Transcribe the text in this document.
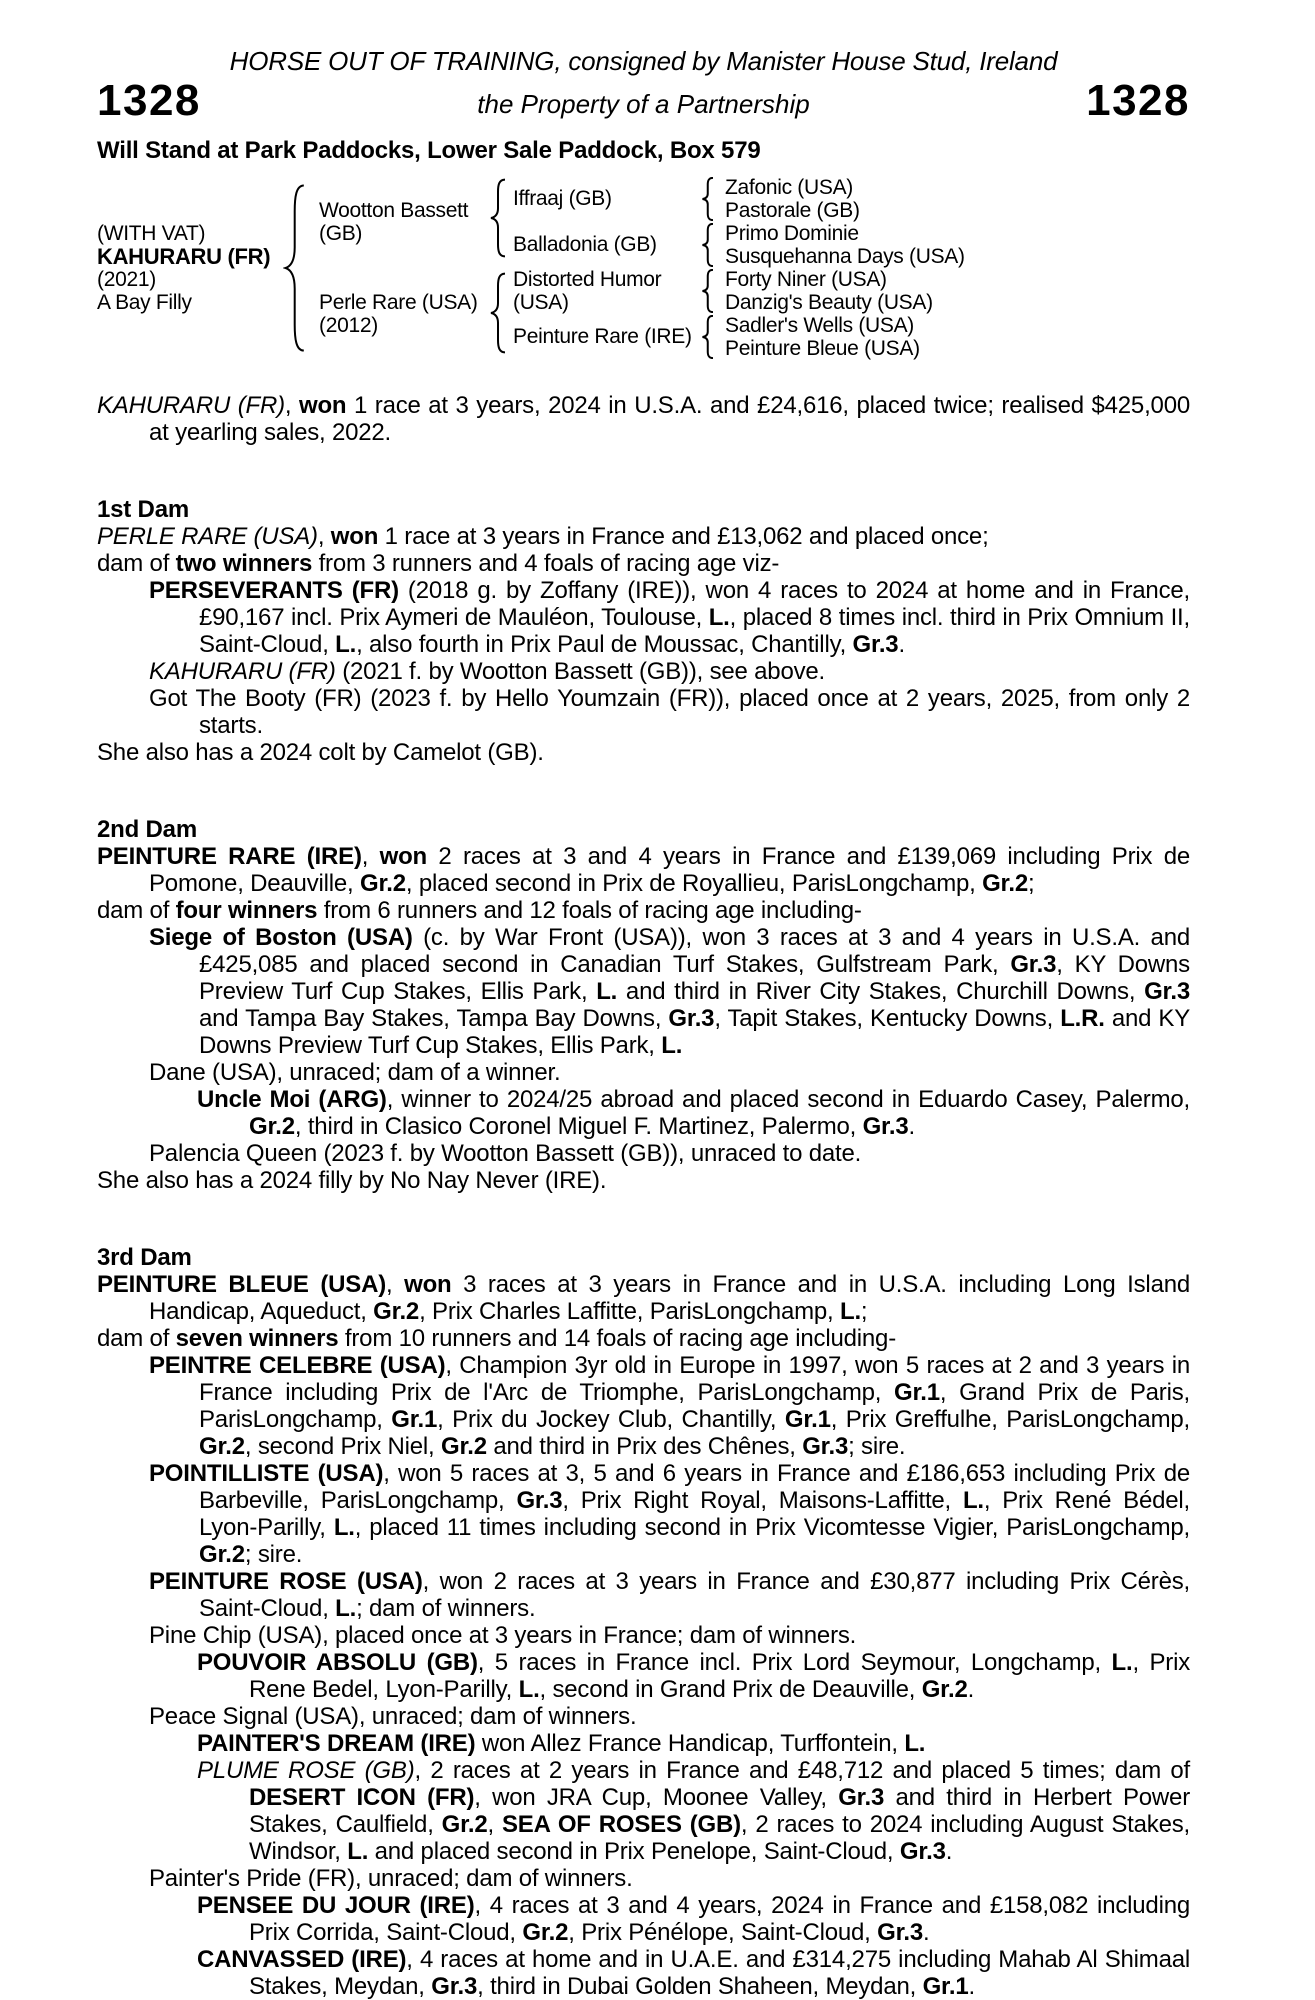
HORSE OUT OF TRAINING, consigned by Manister House Stud, Ireland
1328	the Property of a Partnership	1328
Will Stand at Park Paddocks, Lower Sale Paddock, Box 579
(WITH VAT)
KAHURARU (FR)
(2021)
A Bay Filly
Wootton Bassett
(GB)
Perle Rare (USA)
(2012)
Iffraaj (GB)
Balladonia (GB)
Distorted Humor
(USA)
Peinture Rare (IRE)
Zafonic (USA)
Pastorale (GB)
Primo Dominie
Susquehanna Days (USA)
Forty Niner (USA)
Danzig's Beauty (USA)
Sadler's Wells (USA)
Peinture Bleue (USA)

KAHURARU (FR), won 1 race at 3 years, 2024 in U.S.A. and £24,616, placed twice; realised $425,000 at yearling sales, 2022.

1st Dam

PERLE RARE (USA), won 1 race at 3 years in France and £13,062 and placed once;

dam of two winners from 3 runners and 4 foals of racing age viz-

PERSEVERANTS (FR) (2018 g. by Zoffany (IRE)), won 4 races to 2024 at home and in France, £90,167 incl. Prix Aymeri de Mauléon, Toulouse, L., placed 8 times incl. third in Prix Omnium II, Saint-Cloud, L., also fourth in Prix Paul de Moussac, Chantilly, Gr.3.

KAHURARU (FR) (2021 f. by Wootton Bassett (GB)), see above.

Got The Booty (FR) (2023 f. by Hello Youmzain (FR)), placed once at 2 years, 2025, from only 2 starts.

She also has a 2024 colt by Camelot (GB).

2nd Dam

PEINTURE RARE (IRE), won 2 races at 3 and 4 years in France and £139,069 including Prix de Pomone, Deauville, Gr.2, placed second in Prix de Royallieu, ParisLongchamp, Gr.2;

dam of four winners from 6 runners and 12 foals of racing age including-

Siege of Boston (USA) (c. by War Front (USA)), won 3 races at 3 and 4 years in U.S.A. and £425,085 and placed second in Canadian Turf Stakes, Gulfstream Park, Gr.3, KY Downs Preview Turf Cup Stakes, Ellis Park, L. and third in River City Stakes, Churchill Downs, Gr.3 and Tampa Bay Stakes, Tampa Bay Downs, Gr.3, Tapit Stakes, Kentucky Downs, L.R. and KY Downs Preview Turf Cup Stakes, Ellis Park, L.

Dane (USA), unraced; dam of a winner.

Uncle Moi (ARG), winner to 2024/25 abroad and placed second in Eduardo Casey, Palermo, Gr.2, third in Clasico Coronel Miguel F. Martinez, Palermo, Gr.3.

Palencia Queen (2023 f. by Wootton Bassett (GB)), unraced to date.

She also has a 2024 filly by No Nay Never (IRE).

3rd Dam

PEINTURE BLEUE (USA), won 3 races at 3 years in France and in U.S.A. including Long Island Handicap, Aqueduct, Gr.2, Prix Charles Laffitte, ParisLongchamp, L.;

dam of seven winners from 10 runners and 14 foals of racing age including-

PEINTRE CELEBRE (USA), Champion 3yr old in Europe in 1997, won 5 races at 2 and 3 years in France including Prix de l'Arc de Triomphe, ParisLongchamp, Gr.1, Grand Prix de Paris, ParisLongchamp, Gr.1, Prix du Jockey Club, Chantilly, Gr.1, Prix Greffulhe, ParisLongchamp, Gr.2, second Prix Niel, Gr.2 and third in Prix des Chênes, Gr.3; sire.

POINTILLISTE (USA), won 5 races at 3, 5 and 6 years in France and £186,653 including Prix de Barbeville, ParisLongchamp, Gr.3, Prix Right Royal, Maisons-Laffitte, L., Prix René Bédel, Lyon-Parilly, L., placed 11 times including second in Prix Vicomtesse Vigier, ParisLongchamp, Gr.2; sire.

PEINTURE ROSE (USA), won 2 races at 3 years in France and £30,877 including Prix Cérès, Saint-Cloud, L.; dam of winners.

Pine Chip (USA), placed once at 3 years in France; dam of winners.

POUVOIR ABSOLU (GB), 5 races in France incl. Prix Lord Seymour, Longchamp, L., Prix Rene Bedel, Lyon-Parilly, L., second in Grand Prix de Deauville, Gr.2.

Peace Signal (USA), unraced; dam of winners.

PAINTER'S DREAM (IRE) won Allez France Handicap, Turffontein, L.

PLUME ROSE (GB), 2 races at 2 years in France and £48,712 and placed 5 times; dam of DESERT ICON (FR), won JRA Cup, Moonee Valley, Gr.3 and third in Herbert Power Stakes, Caulfield, Gr.2, SEA OF ROSES (GB), 2 races to 2024 including August Stakes, Windsor, L. and placed second in Prix Penelope, Saint-Cloud, Gr.3.

Painter's Pride (FR), unraced; dam of winners.

PENSEE DU JOUR (IRE), 4 races at 3 and 4 years, 2024 in France and £158,082 including Prix Corrida, Saint-Cloud, Gr.2, Prix Pénélope, Saint-Cloud, Gr.3.

CANVASSED (IRE), 4 races at home and in U.A.E. and £314,275 including Mahab Al Shimaal Stakes, Meydan, Gr.3, third in Dubai Golden Shaheen, Meydan, Gr.1.
